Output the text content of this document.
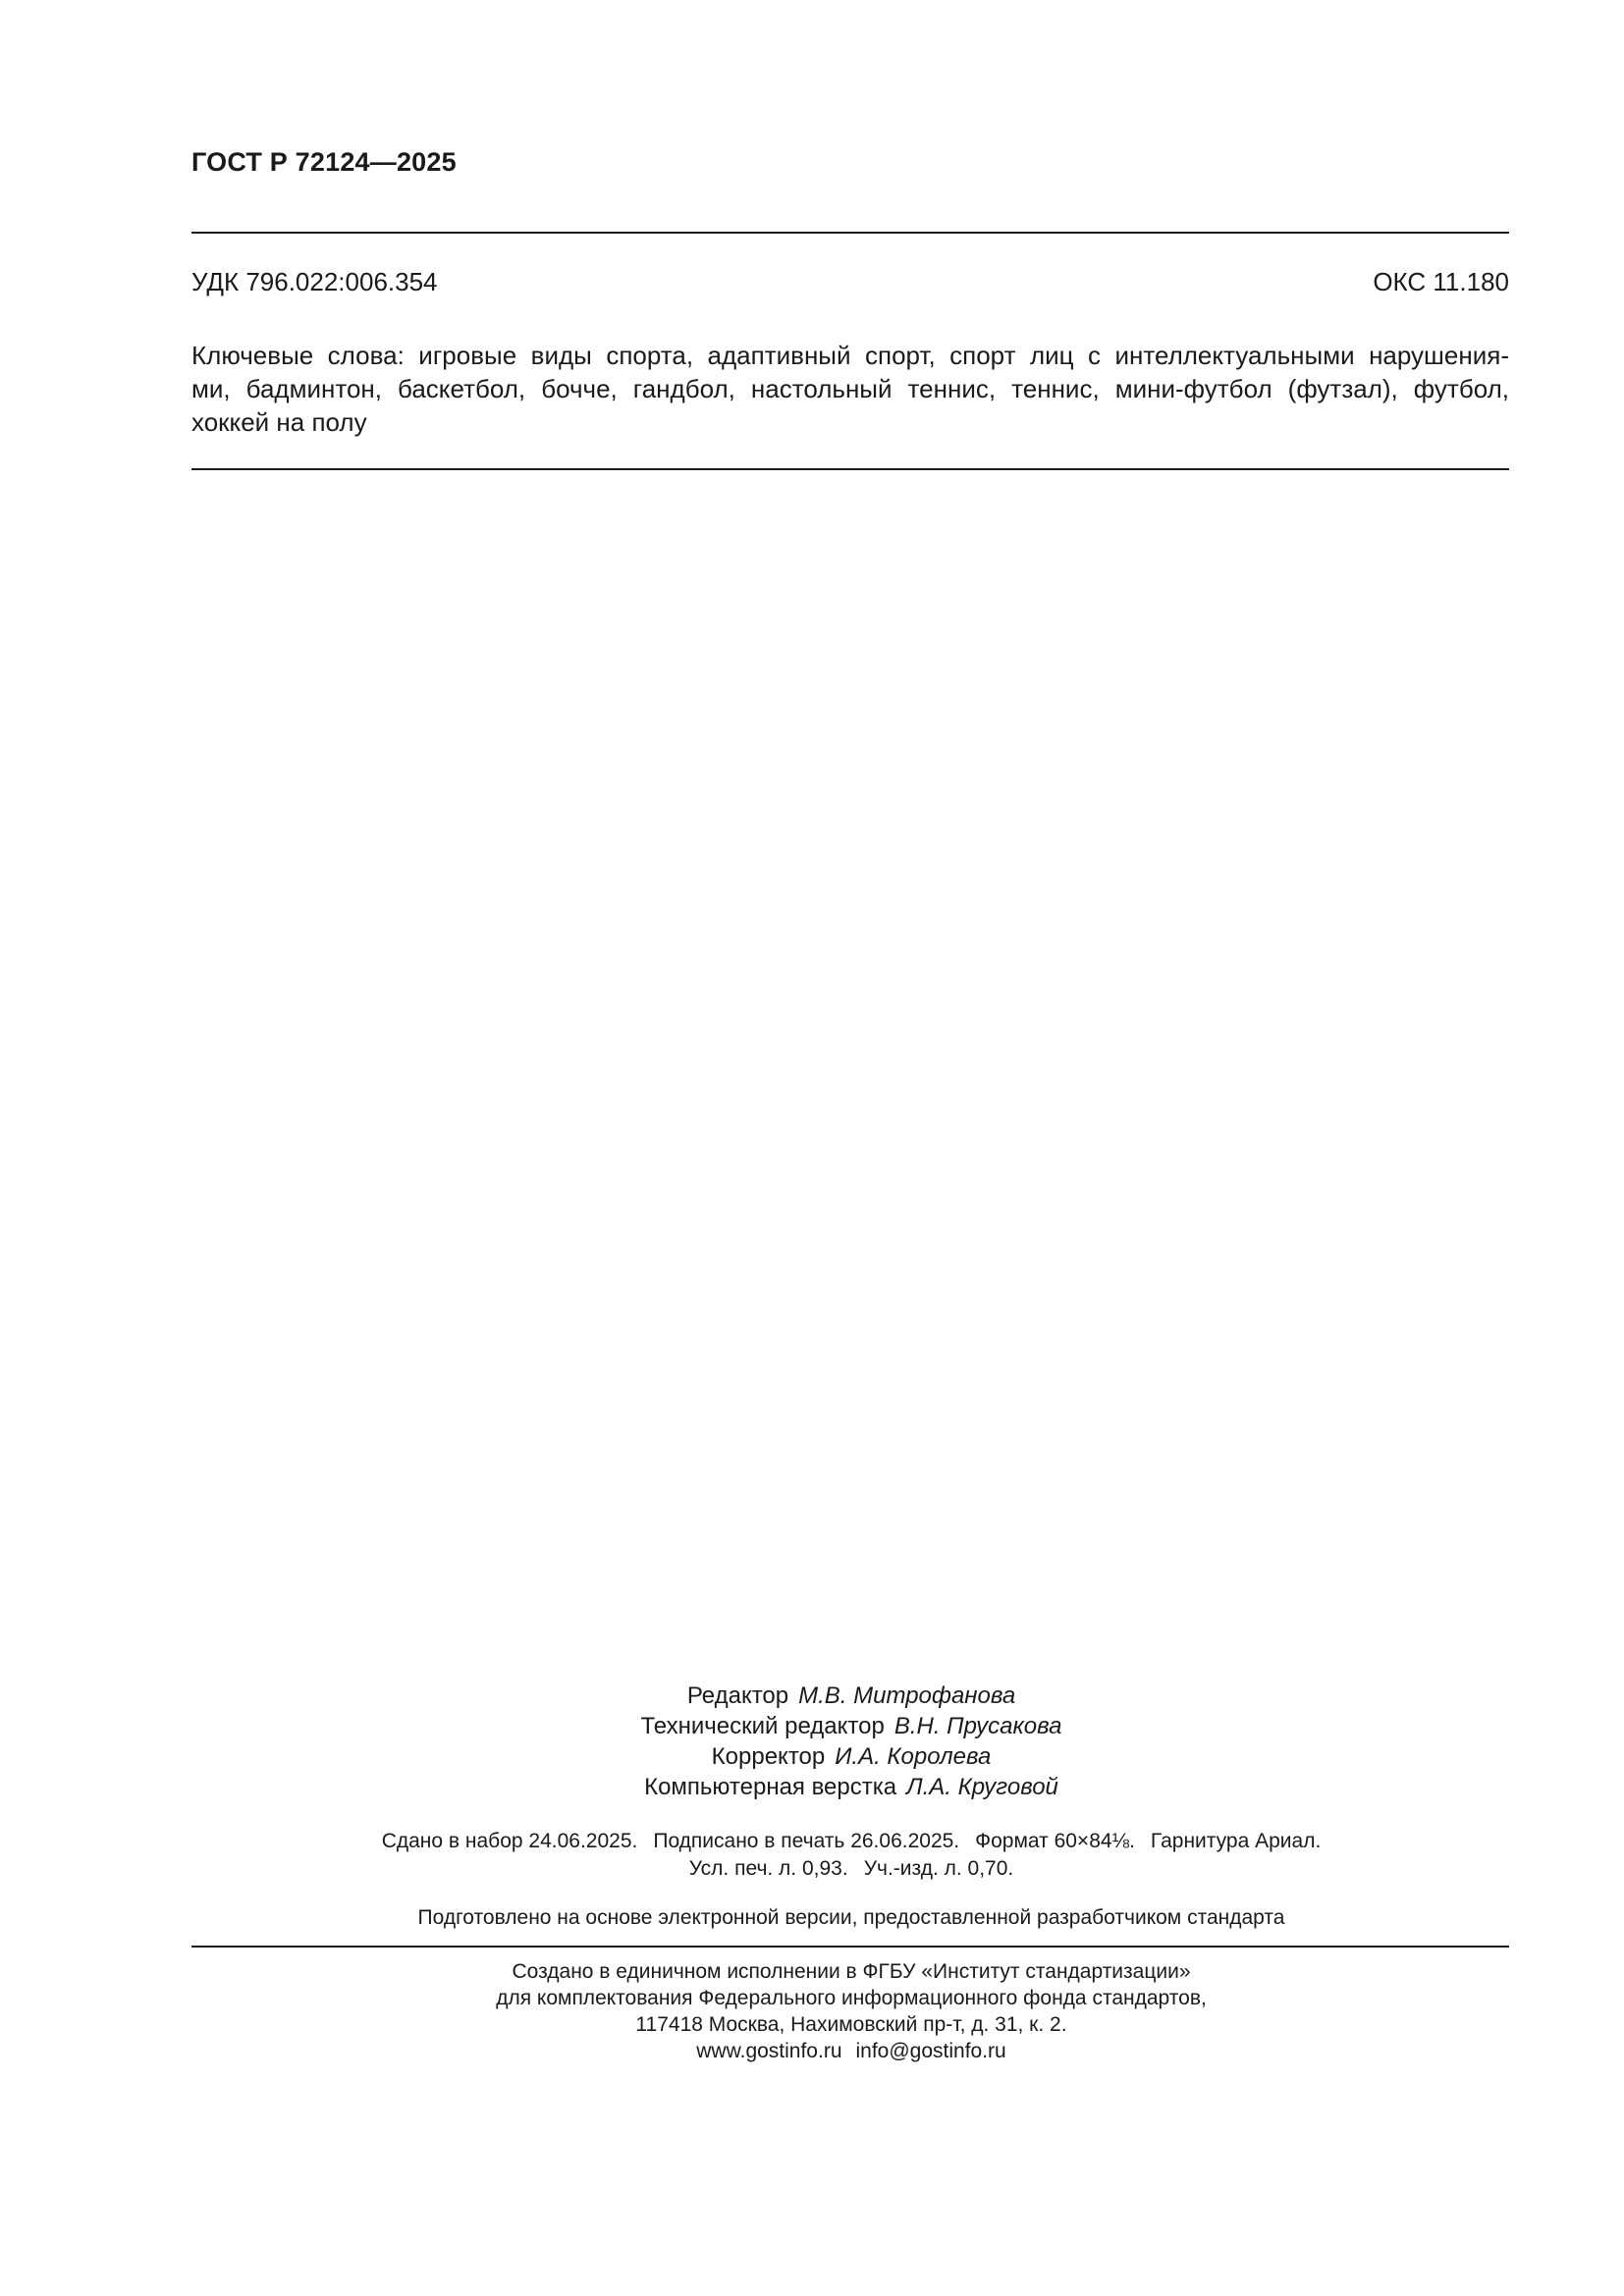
ГОСТ Р 72124—2025
УДК 796.022:006.354	ОКС 11.180
Ключевые слова: игровые виды спорта, адаптивный спорт, спорт лиц с интеллектуальными нарушения-
ми, бадминтон, баскетбол, бочче, гандбол, настольный теннис, теннис, мини-футбол (футзал), футбол,
хоккей на полу
Редактор М.В. Митрофанова
Технический редактор В.Н. Прусакова
Корректор И.А. Королева
Компьютерная верстка Л.А. Круговой
Сдано в набор 24.06.2025. Подписано в печать 26.06.2025. Формат 60×84⅛. Гарнитура Ариал.
Усл. печ. л. 0,93. Уч.-изд. л. 0,70.
Подготовлено на основе электронной версии, предоставленной разработчиком стандарта
Создано в единичном исполнении в ФГБУ «Институт стандартизации»
для комплектования Федерального информационного фонда стандартов,
117418 Москва, Нахимовский пр-т, д. 31, к. 2.
www.gostinfo.ru info@gostinfo.ru
